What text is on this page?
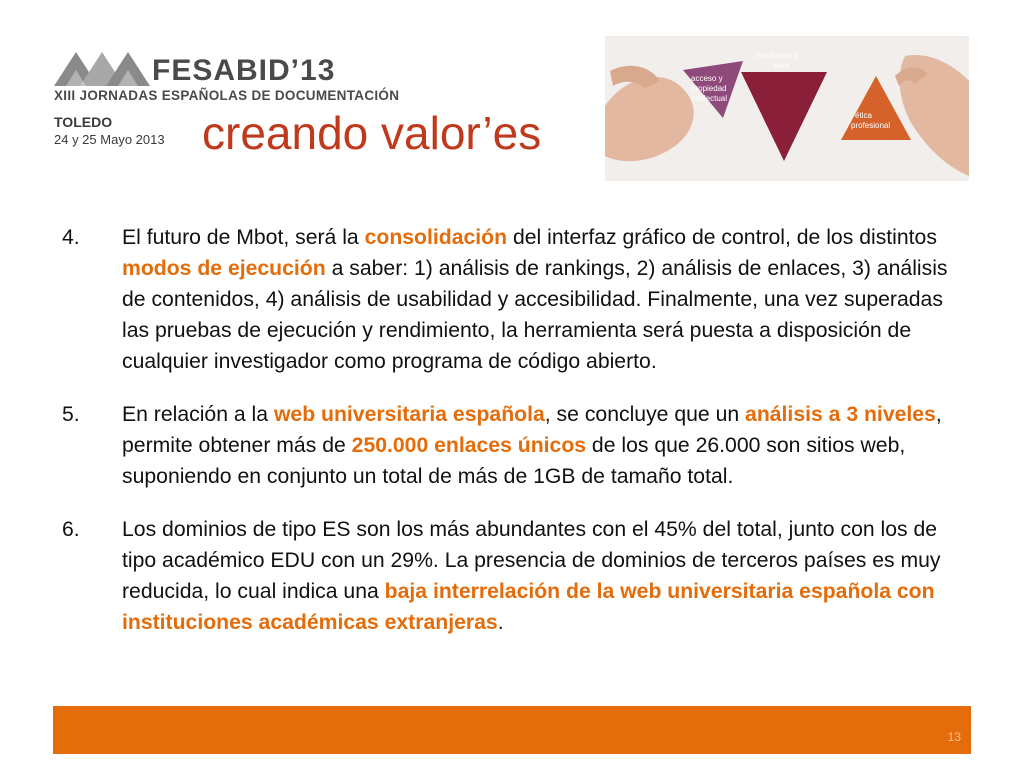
FESABID’13
XIII JORNADAS ESPAÑOLAS DE DOCUMENTACIÓN
TOLEDO
24 y 25 Mayo 2013 creando valor’es
acceso y
propiedad
intelectual
ética
profesional
resultados y
valor
4. El futuro de Mbot, será la consolidación del interfaz gráfico de control, de los distintos modos de ejecución a saber: 1) análisis de rankings, 2) análisis de enlaces, 3) análisis de contenidos, 4) análisis de usabilidad y accesibilidad. Finalmente, una vez superadas las pruebas de ejecución y rendimiento, la herramienta será puesta a disposición de cualquier investigador como programa de código abierto.
5. En relación a la web universitaria española, se concluye que un análisis a 3 niveles, permite obtener más de 250.000 enlaces únicos de los que 26.000 son sitios web, suponiendo en conjunto un total de más de 1GB de tamaño total.
6. Los dominios de tipo ES son los más abundantes con el 45% del total, junto con los de tipo académico EDU con un 29%. La presencia de dominios de terceros países es muy reducida, lo cual indica una baja interrelación de la web universitaria española con instituciones académicas extranjeras.
13
